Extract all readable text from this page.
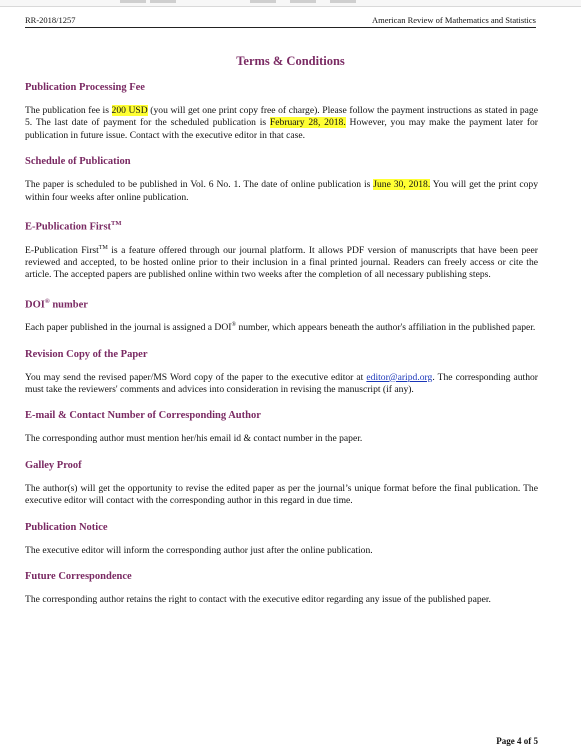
RR-2018/1257	American Review of Mathematics and Statistics
Terms & Conditions
Publication Processing Fee

The publication fee is 200 USD (you will get one print copy free of charge). Please follow the payment instructions as stated in page 5. The last date of payment for the scheduled publication is February 28, 2018. However, you may make the payment later for publication in future issue. Contact with the executive editor in that case.

Schedule of Publication

The paper is scheduled to be published in Vol. 6 No. 1. The date of online publication is June 30, 2018. You will get the print copy within four weeks after online publication.

E-Publication First™

E-Publication First™ is a feature offered through our journal platform. It allows PDF version of manuscripts that have been peer reviewed and accepted, to be hosted online prior to their inclusion in a final printed journal. Readers can freely access or cite the article. The accepted papers are published online within two weeks after the completion of all necessary publishing steps.

DOI® number

Each paper published in the journal is assigned a DOI® number, which appears beneath the author's affiliation in the published paper.

Revision Copy of the Paper

You may send the revised paper/MS Word copy of the paper to the executive editor at editor@aripd.org. The corresponding author must take the reviewers' comments and advices into consideration in revising the manuscript (if any).

E-mail & Contact Number of Corresponding Author

The corresponding author must mention her/his email id & contact number in the paper.

Galley Proof

The author(s) will get the opportunity to revise the edited paper as per the journal’s unique format before the final publication. The executive editor will contact with the corresponding author in this regard in due time.

Publication Notice

The executive editor will inform the corresponding author just after the online publication.

Future Correspondence

The corresponding author retains the right to contact with the executive editor regarding any issue of the published paper.

Page 4 of 5
